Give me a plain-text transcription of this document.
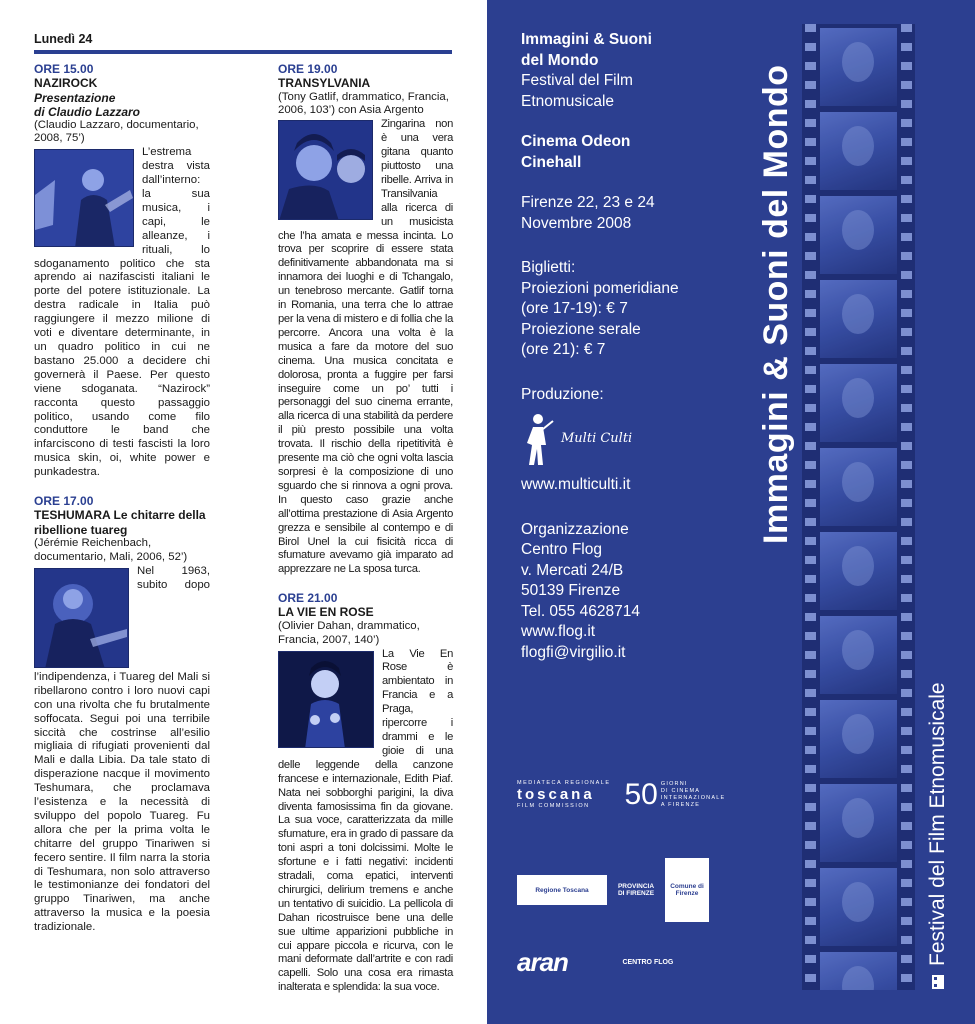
Lunedì 24
ORE 15.00
NAZIROCK
Presentazione
di Claudio Lazzaro
(Claudio Lazzaro, documentario, 2008, 75’)
L’estrema destra vista dall’interno: la sua musica, i capi, le alleanze, i rituali, lo sdoganamento politico che sta aprendo ai nazifascisti italiani le porte del potere istituzionale. La destra radicale in Italia può raggiungere il mezzo milione di voti e diventare determinante, in un quadro politico in cui ne bastano 25.000 a decidere chi governerà il Paese. Per questo viene sdoganata. “Nazirock” racconta questo passaggio politico, usando come filo conduttore le band che infarciscono di testi fascisti la loro musica skin, oi, white power e punkadestra.
ORE 17.00
TESHUMARA Le chitarre della ribellione tuareg
(Jérémie Reichenbach, documentario, Mali, 2006, 52’)
Nel 1963, subito dopo l’indipendenza, i Tuareg del Mali si ribellarono contro i loro nuovi capi con una rivolta che fu brutalmente soffocata. Segui poi una terribile siccità che costrinse all’esilio migliaia di rifugiati provenienti dal Mali e dalla Libia. Da tale stato di disperazione nacque il movimento Teshumara, che proclamava l’esistenza e la necessità di sviluppo del popolo Tuareg. Fu allora che per la prima volta le chitarre del gruppo Tinariwen si fecero sentire. Il film narra la storia di Teshumara, non solo attraverso le testimonianze dei fondatori del gruppo Tinariwen, ma anche attraverso la musica e la poesia tradizionale.
ORE 19.00
TRANSYLVANIA
(Tony Gatlif, drammatico, Francia, 2006, 103’) con Asia Argento
Zingarina non è una vera gitana quanto piuttosto una ribelle. Arriva in Transilvania alla ricerca di un musicista che l’ha amata e messa incinta. Lo trova per scoprire di essere stata definitivamente abbandonata ma si innamora dei luoghi e di Tchangalo, un tenebroso mercante. Gatlif torna in Romania, una terra che lo attrae per la vena di mistero e di follia che la percorre. Ancora una volta è la musica a fare da motore del suo cinema. Una musica concitata e dolorosa, pronta a fuggire per farsi inseguire come un po’ tutti i personaggi del suo cinema errante, alla ricerca di una stabilità da perdere il più presto possibile una volta trovata. Il rischio della ripetitività è presente ma ciò che ogni volta lascia sorpresi è la composizione di uno sguardo che si rinnova a ogni prova. In questo caso grazie anche all’ottima prestazione di Asia Argento grezza e sensibile al contempo e di Birol Unel la cui fisicità ricca di sfumature avevamo già imparato ad apprezzare ne La sposa turca.
ORE 21.00
LA VIE EN ROSE
(Olivier Dahan, drammatico, Francia, 2007, 140’)
La Vie En Rose è ambientato in Francia e a Praga, ripercorre i drammi e le gioie di una delle leggende della canzone francese e internazionale, Edith Piaf. Nata nei sobborghi parigini, la diva diventa famosissima fin da giovane. La sua voce, caratterizzata da mille sfumature, era in grado di passare da toni aspri a toni dolcissimi. Molte le sfortune e i fatti negativi: incidenti stradali, coma epatici, interventi chirurgici, delirium tremens e anche un tentativo di suicidio. La pellicola di Dahan ricostruisce bene una delle sue ultime apparizioni pubbliche in cui appare piccola e ricurva, con le mani deformate dall’artrite e con radi capelli. Solo una cosa era rimasta inalterata e splendida: la sua voce.
Immagini & Suoni
del Mondo
Festival del Film
Etnomusicale
Cinema Odeon
Cinehall
Firenze 22, 23 e 24
Novembre 2008
Biglietti:
Proiezioni pomeridiane
(ore 17-19): € 7
Proiezione serale
(ore 21): € 7
Produzione:
Multi Culti
www.multiculti.it
Organizzazione
Centro Flog
v. Mercati 24/B
50139 Firenze
Tel. 055 4628714
www.flog.it
flogfi@virgilio.it
Immagini & Suoni del Mondo
Festival del Film Etnomusicale
MEDIATECA REGIONALE
toscana
FILM COMMISSION	50 GIORNI
DI CINEMA
INTERNAZIONALE
A FIRENZE
Regione Toscana	PROVINCIA DI FIRENZE
Comune di Firenze
aran	CENTRO FLOG
